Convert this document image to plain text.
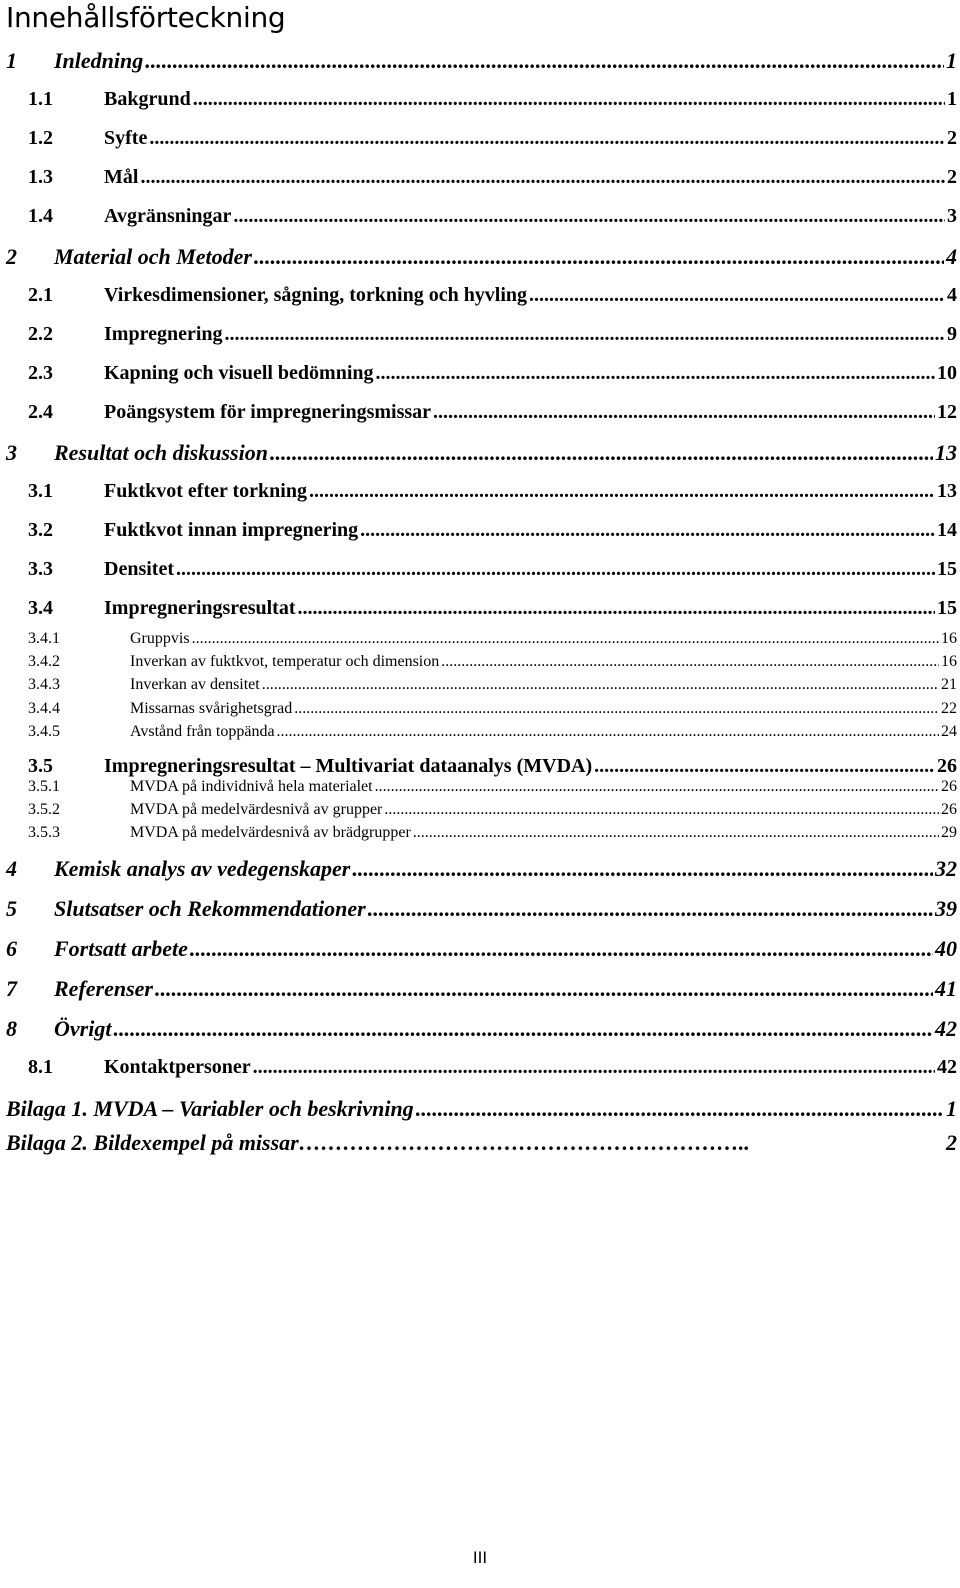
Innehållsförteckning
1	Inledning .....	1
1.1	Bakgrund .....	1
1.2	Syfte .....	2
1.3	Mål .....	2
1.4	Avgränsningar .....	3
2	Material och Metoder .....	4
2.1	Virkesdimensioner, sågning, torkning och hyvling .....	4
2.2	Impregnering .....	9
2.3	Kapning och visuell bedömning .....	10
2.4	Poängsystem för impregneringsmissar .....	12
3	Resultat och diskussion .....	13
3.1	Fuktkvot efter torkning .....	13
3.2	Fuktkvot innan impregnering .....	14
3.3	Densitet .....	15
3.4	Impregneringsresultat .....	15
3.4.1	Gruppvis .....	16
3.4.2	Inverkan av fuktkvot, temperatur och dimension .....	16
3.4.3	Inverkan av densitet .....	21
3.4.4	Missarnas svårighetsgrad .....	22
3.4.5	Avstånd från toppända .....	24
3.5	Impregneringsresultat – Multivariat dataanalys (MVDA) .....	26
3.5.1	MVDA på individnivå hela materialet .....	26
3.5.2	MVDA på medelvärdesnivå av grupper .....	26
3.5.3	MVDA på medelvärdesnivå av brädgrupper .....	29
4	Kemisk analys av vedegenskaper .....	32
5	Slutsatser och Rekommendationer .....	39
6	Fortsatt arbete .....	40
7	Referenser .....	41
8	Övrigt .....	42
8.1	Kontaktpersoner .....	42
Bilaga 1. MVDA – Variabler och beskrivning .....	1
Bilaga 2. Bildexempel på missar……………………………………………………..	2
III
